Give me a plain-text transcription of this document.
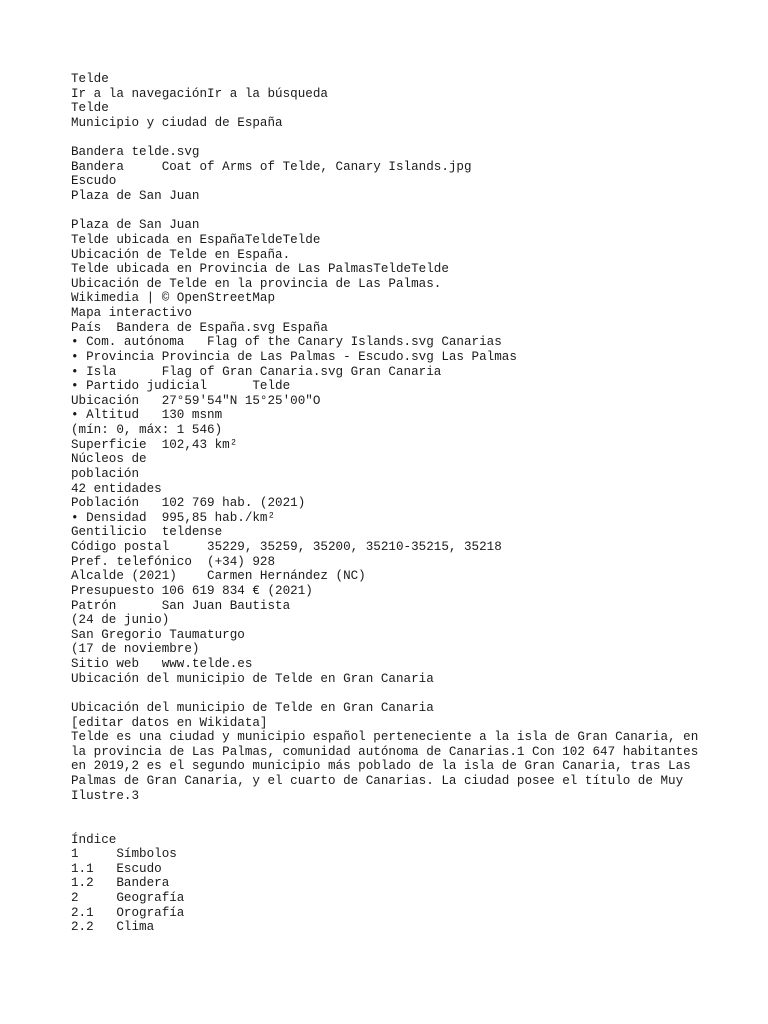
Telde
Ir a la navegaciónIr a la búsqueda
Telde
Municipio y ciudad de España
Bandera telde.svg
Bandera     Coat of Arms of Telde, Canary Islands.jpg
Escudo
Plaza de San Juan
Plaza de San Juan
Telde ubicada en EspañaTeldeTelde
Ubicación de Telde en España.
Telde ubicada en Provincia de Las PalmasTeldeTelde
Ubicación de Telde en la provincia de Las Palmas.
Wikimedia | © OpenStreetMap
Mapa interactivo
País  Bandera de España.svg España
• Com. autónoma   Flag of the Canary Islands.svg Canarias
• Provincia Provincia de Las Palmas - Escudo.svg Las Palmas
• Isla      Flag of Gran Canaria.svg Gran Canaria
• Partido judicial      Telde
Ubicación   27°59'54"N 15°25'00"O
• Altitud   130 msnm
(mín: 0, máx: 1 546)
Superficie  102,43 km²
Núcleos de
población
42 entidades
Población   102 769 hab. (2021)
• Densidad  995,85 hab./km²
Gentilicio  teldense
Código postal     35229, 35259, 35200, 35210-35215, 35218
Pref. telefónico  (+34) 928
Alcalde (2021)    Carmen Hernández (NC)
Presupuesto 106 619 834 € (2021)
Patrón      San Juan Bautista
(24 de junio)
San Gregorio Taumaturgo
(17 de noviembre)
Sitio web   www.telde.es
Ubicación del municipio de Telde en Gran Canaria
Ubicación del municipio de Telde en Gran Canaria
[editar datos en Wikidata]
Telde es una ciudad y municipio español perteneciente a la isla de Gran Canaria, en
la provincia de Las Palmas, comunidad autónoma de Canarias.1 Con 102 647 habitantes
en 2019,2 es el segundo municipio más poblado de la isla de Gran Canaria, tras Las
Palmas de Gran Canaria, y el cuarto de Canarias. La ciudad posee el título de Muy
Ilustre.3
Índice
1     Símbolos
1.1   Escudo
1.2   Bandera
2     Geografía
2.1   Orografía
2.2   Clima
